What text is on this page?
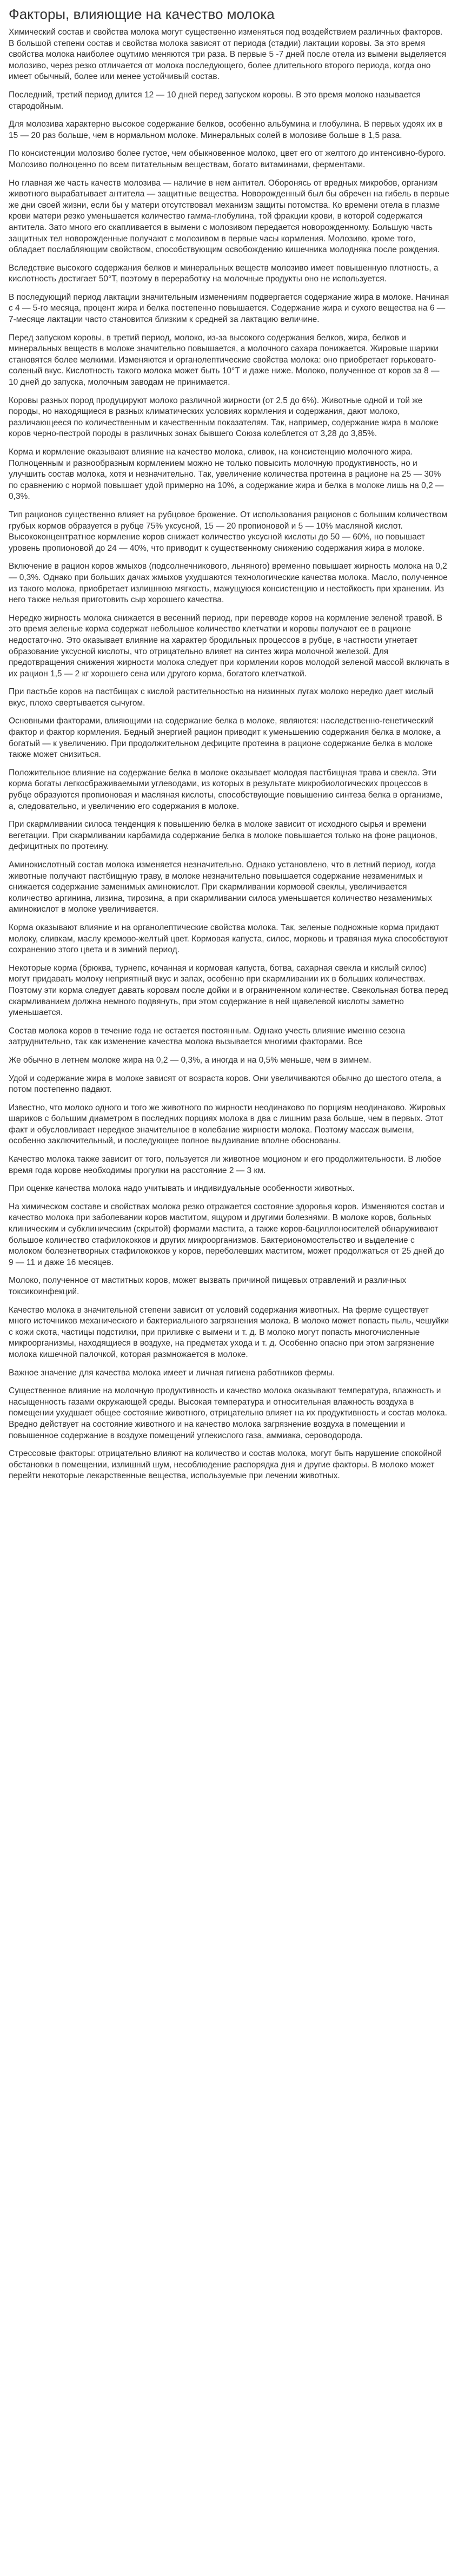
Факторы, влияющие на качество молока

Химический состав и свойства молока могут существенно изменяться под воздействием различных факторов. В большой степени состав и свойства молока зависят от периода (стадии) лактации коровы. За это время свойства молока наиболее оцутимо меняются три раза. В первые 5 -7 дней после отела из вымени выделяется молозиво, через резко отличается от молока последующего, более длительного второго периода, когда оно имеет обычный, более или менее устойчивый состав.

Последний, третий период длится 12 — 10 дней перед запуском коровы. В это время молоко называется стародойным.

Для молозива характерно высокое содержание белков, особенно альбумина и глобулина. В первых удоях их в 15 — 20 раз больше, чем в нормальном молоке. Минеральных солей в молозиве больше в 1,5 раза.

По консистенции молозиво более густое, чем обыкновенное молоко, цвет его от желтого до интенсивно-бурого. Молозиво полноценно по всем питательным веществам, богато витаминами, ферментами.

Но главная же часть качеств молозива — наличие в нем антител. Оборонясь от вредных микробов, организм животного вырабатывает антитела — защитные вещества. Новорожденный был бы обречен на гибель в первые же дни своей жизни, если бы у матери отсутствовал механизм защиты потомства. Ко времени отела в плазме крови матери резко уменьшается количество гамма-глобулина, той фракции крови, в которой содержатся антитела. Зато много его скапливается в вымени с молозивом передается новорожденному. Большую часть защитных тел новорожденные получают с молозивом в первые часы кормления. Молозиво, кроме того, обладает послабляющим свойством, способствующим освобождению кишечника молодняка после рождения.

Вследствие высокого содержания белков и минеральных веществ молозиво имеет повышенную плотность, а кислотность достигает 50°Т, поэтому в переработку на молочные продукты оно не используется.

В последующий период лактации значительным изменениям подвергается содержание жира в молоке. Начиная с 4 — 5-го месяца, процент жира и белка постепенно повышается. Содержание жира и сухого вещества на 6 — 7-месяце лактации часто становится близким к средней за лактацию величине.

Перед запуском коровы, в третий период, молоко, из-за высокого содержания белков, жира, белков и минеральных веществ в молоке значительно повышается, а молочного сахара понижается. Жировые шарики становятся более мелкими. Изменяются и органолептические свойства молока: оно приобретает горьковато-соленый вкус. Кислотность такого молока может быть 10°Т и даже ниже. Молоко, полученное от коров за 8 — 10 дней до запуска, молочным заводам не принимается.

Коровы разных пород продуцируют молоко различной жирности (от 2,5 до 6%). Животные одной и той же породы, но находящиеся в разных климатических условиях кормления и содержания, дают молоко, различающееся по количественным и качественным показателям. Так, например, содержание жира в молоке коров черно-пестрой породы в различных зонах бывшего Союза колеблется от 3,28 до 3,85%.

Корма и кормление оказывают влияние на качество молока, сливок, на консистенцию молочного жира. Полноценным и разнообразным кормлением можно не только повысить молочную продуктивность, но и улучшить состав молока, хотя и незначительно. Так, увеличение количества протеина в рационе на 25 — 30% по сравнению с нормой повышает удой примерно на 10%, а содержание жира и белка в молоке лишь на 0,2 — 0,3%.

Тип рационов существенно влияет на рубцовое брожение. От использования рационов с большим количеством грубых кормов образуется в рубце 75% уксусной, 15 — 20 пропионовой и 5 — 10% масляной кислот. Высококонцентратное кормление коров снижает количество уксусной кислоты до 50 — 60%, но повышает уровень пропионовой до 24 — 40%, что приводит к существенному снижению содержания жира в молоке.

Включение в рацион коров жмыхов (подсолнечникового, льняного) временно повышает жирность молока на 0,2 — 0,3%. Однако при больших дачах жмыхов ухудшаются технологические качества молока. Масло, полученное из такого молока, приобретает излишнюю мягкость, мажущуюся консистенцию и нестойкость при хранении. Из него также нельзя приготовить сыр хорошего качества.

Нередко жирность молока снижается в весенний период, при переводе коров на кормление зеленой травой. В это время зеленые корма содержат небольшое количество клетчатки и коровы получают ее в рационе недостаточно. Это оказывает влияние на характер бродильных процессов в рубце, в частности угнетает образование уксусной кислоты, что отрицательно влияет на синтез жира молочной железой. Для предотвращения снижения жирности молока следует при кормлении коров молодой зеленой массой включать в их рацион 1,5 — 2 кг хорошего сена или другого корма, богатого клетчаткой.

При пастьбе коров на пастбищах с кислой растительностью на низинных лугах молоко нередко дает кислый вкус, плохо свертывается сычугом.

Основными факторами, влияющими на содержание белка в молоке, являются: наследственно-генетический фактор и фактор кормления. Бедный энергией рацион приводит к уменьшению содержания белка в молоке, а богатый — к увеличению. При продолжительном дефиците протеина в рационе содержание белка в молоке также может снизиться.

Положительное влияние на содержание белка в молоке оказывает молодая пастбищная трава и свекла. Эти корма богаты легкосбраживаемыми углеводами, из которых в результате микробиологических процессов в рубце образуются пропионовая и масляная кислоты, способствующие повышению синтеза белка в организме, а, следовательно, и увеличению его содержания в молоке.

При скармливании силоса тенденция к повышению белка в молоке зависит от исходного сырья и времени вегетации. При скармливании карбамида содержание белка в молоке повышается только на фоне рационов, дефицитных по протеину.

Аминокислотный состав молока изменяется незначительно. Однако установлено, что в летний период, когда животные получают пастбищную траву, в молоке незначительно повышается содержание незаменимых и снижается содержание заменимых аминокислот. При скармливании кормовой свеклы, увеличивается количество аргинина, лизина, тирозина, а при скармливании силоса уменьшается количество незаменимых аминокислот в молоке увеличивается.

Корма оказывают влияние и на органолептические свойства молока. Так, зеленые подножные корма придают молоку, сливкам, маслу кремово-желтый цвет. Кормовая капуста, силос, морковь и травяная мука способствуют сохранению этого цвета и в зимний период.

Некоторые корма (брюква, турнепс, кочанная и кормовая капуста, ботва, сахарная свекла и кислый силос) могут придавать молоку неприятный вкус и запах, особенно при скармливании их в больших количествах. Поэтому эти корма следует давать коровам после дойки и в ограниченном количестве. Свекольная ботва перед скармливанием должна немного подвянуть, при этом содержание в ней щавелевой кислоты заметно уменьшается.

Состав молока коров в течение года не остается постоянным. Однако учесть влияние именно сезона затруднительно, так как изменение качества молока вызывается многими факторами. Все

Же обычно в летнем молоке жира на 0,2 — 0,3%, а иногда и на 0,5% меньше, чем в зимнем.

Удой и содержание жира в молоке зависят от возраста коров. Они увеличиваются обычно до шестого отела, а потом постепенно падают.

Известно, что молоко одного и того же животного по жирности неодинаково по порциям неодинаково. Жировых шариков с большим диаметром в последних порциях молока в два с лишним раза больше, чем в первых. Этот факт и обусловливает нередкое значительное в колебание жирности молока. Поэтому массаж вымени, особенно заключительный, и последующее полное выдаивание вполне обоснованы.

Качество молока также зависит от того, пользуется ли животное моционом и его продолжительности. В любое время года корове необходимы прогулки на расстояние 2 — 3 км.

При оценке качества молока надо учитывать и индивидуальные особенности животных.

На химическом составе и свойствах молока резко отражается состояние здоровья коров. Изменяются состав и качество молока при заболевании коров маститом, ящуром и другими болезнями. В молоке коров, больных клиническим и субклиническим (скрытой) формами мастита, а также коров-бациллоносителей обнаруживают большое количество стафилококков и других микроорганизмов. Бактериономостельство и выделение с молоком болезнетворных стафилококков у коров, переболевших маститом, может продолжаться от 25 дней до 9 — 11 и даже 16 месяцев.

Молоко, полученное от маститных коров, может вызвать причиной пищевых отравлений и различных токсикоинфекций.

Качество молока в значительной степени зависит от условий содержания животных. На ферме существует много источников механического и бактериального загрязнения молока. В молоко может попасть пыль, чешуйки с кожи скота, частицы подстилки, при приливке с вымени и т. д. В молоко могут попасть многочисленные микроорганизмы, находящиеся в воздухе, на предметах ухода и т. д. Особенно опасно при этом загрязнение молока кишечной палочкой, которая размножается в молоке.

Важное значение для качества молока имеет и личная гигиена работников фермы.

Существенное влияние на молочную продуктивность и качество молока оказывают температура, влажность и насыщенность газами окружающей среды. Высокая температура и относительная влажность воздуха в помещении ухудшает общее состояние животного, отрицательно влияет на их продуктивность и состав молока. Вредно действует на состояние животного и на качество молока загрязнение воздуха в помещении и повышенное содержание в воздухе помещений углекислого газа, аммиака, сероводорода.

Стрессовые факторы: отрицательно влияют на количество и состав молока, могут быть нарушение спокойной обстановки в помещении, излишний шум, несоблюдение распорядка дня и другие факторы. В молоко может перейти некоторые лекарственные вещества, используемые при лечении животных.
